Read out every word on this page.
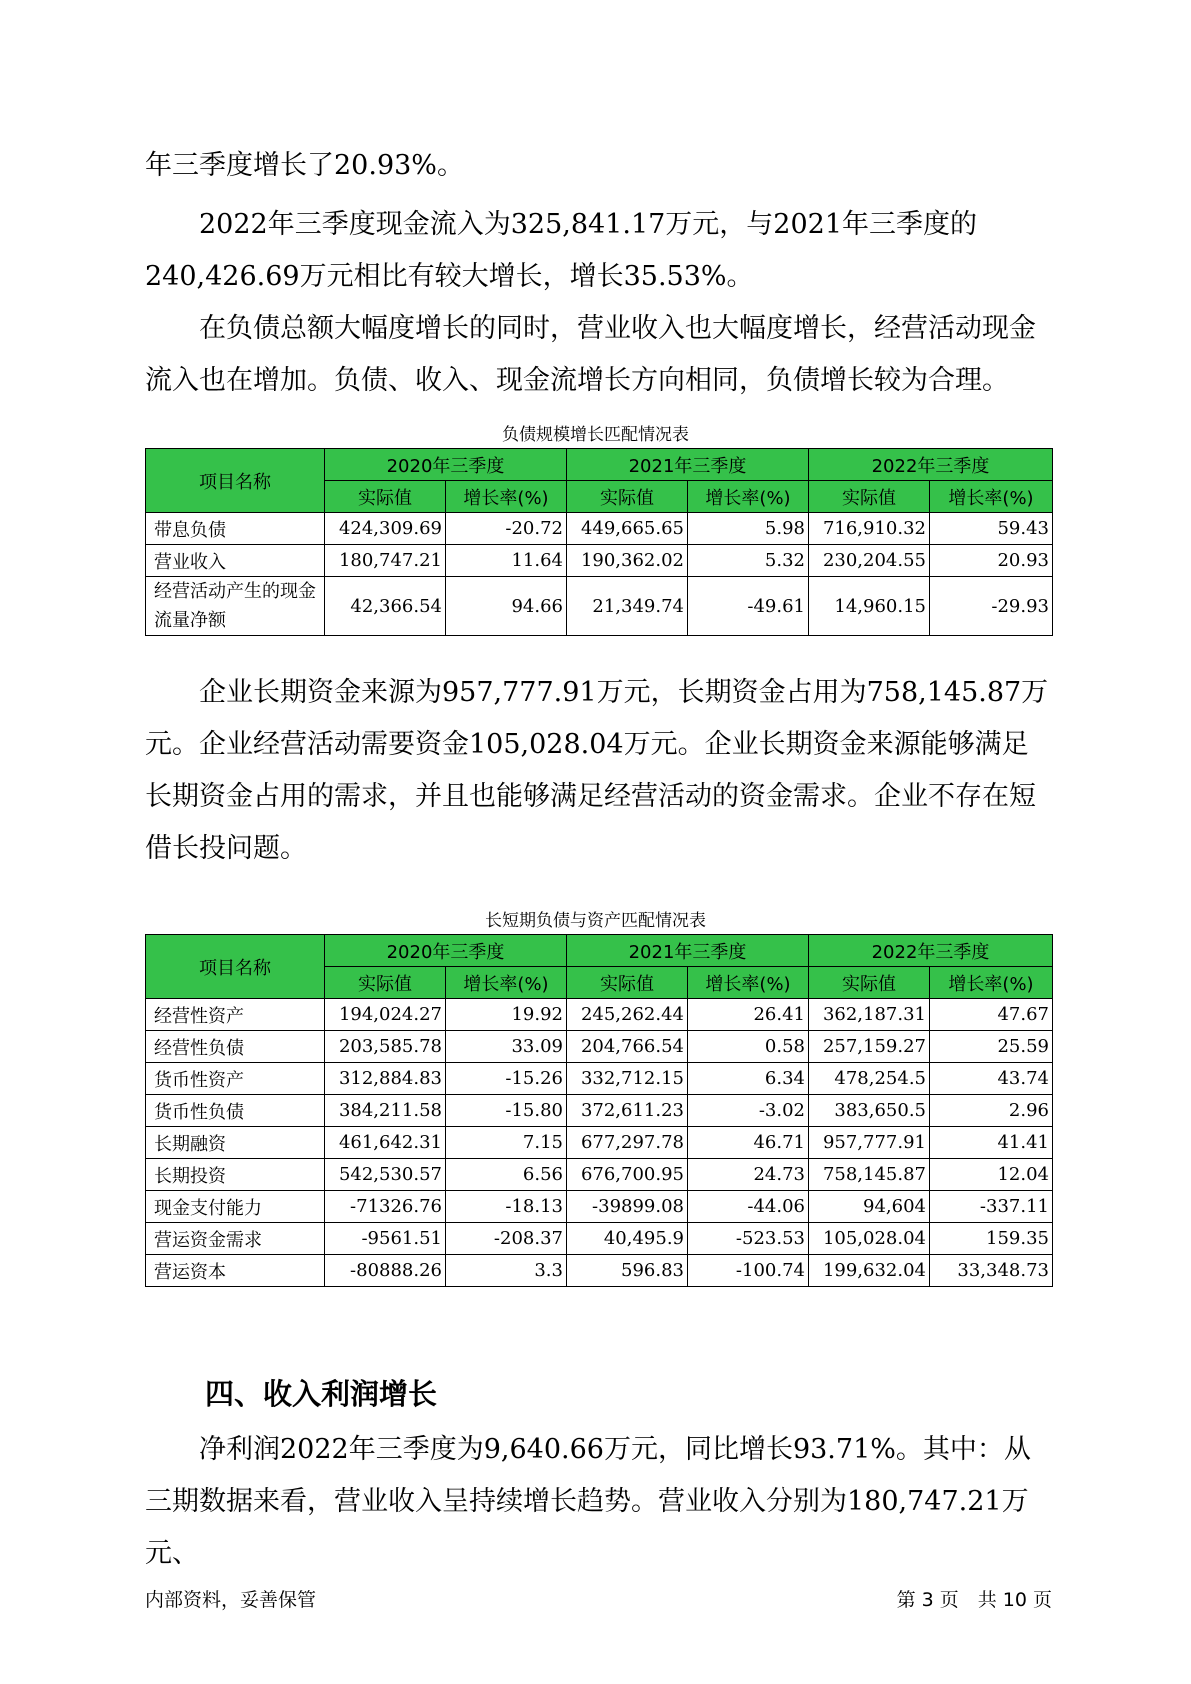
年三季度增长了20.93%。

2022年三季度现金流入为325,841.17万元，与2021年三季度的240,426.69万元相比有较大增长，增长35.53%。

在负债总额大幅度增长的同时，营业收入也大幅度增长，经营活动现金流入也在增加。负债、收入、现金流增长方向相同，负债增长较为合理。

负债规模增长匹配情况表

项目名称	2020年三季度		2021年三季度		2022年三季度	
	实际值	增长率(%)	实际值	增长率(%)	实际值	增长率(%)
带息负债	424,309.69	-20.72	449,665.65	5.98	716,910.32	59.43
营业收入	180,747.21	11.64	190,362.02	5.32	230,204.55	20.93
经营活动产生的现金流量净额	42,366.54	94.66	21,349.74	-49.61	14,960.15	-29.93

企业长期资金来源为957,777.91万元，长期资金占用为758,145.87万元。企业经营活动需要资金105,028.04万元。企业长期资金来源能够满足长期资金占用的需求，并且也能够满足经营活动的资金需求。企业不存在短借长投问题。

长短期负债与资产匹配情况表

项目名称	2020年三季度		2021年三季度		2022年三季度	
	实际值	增长率(%)	实际值	增长率(%)	实际值	增长率(%)
经营性资产	194,024.27	19.92	245,262.44	26.41	362,187.31	47.67
经营性负债	203,585.78	33.09	204,766.54	0.58	257,159.27	25.59
货币性资产	312,884.83	-15.26	332,712.15	6.34	478,254.5	43.74
货币性负债	384,211.58	-15.80	372,611.23	-3.02	383,650.5	2.96
长期融资	461,642.31	7.15	677,297.78	46.71	957,777.91	41.41
长期投资	542,530.57	6.56	676,700.95	24.73	758,145.87	12.04
现金支付能力	-71326.76	-18.13	-39899.08	-44.06	94,604	-337.11
营运资金需求	-9561.51	-208.37	40,495.9	-523.53	105,028.04	159.35
营运资本	-80888.26	3.3	596.83	-100.74	199,632.04	33,348.73
四、收入利润增长

净利润2022年三季度为9,640.66万元，同比增长93.71%。其中：从三期数据来看，营业收入呈持续增长趋势。营业收入分别为180,747.21万元、

内部资料，妥善保管	第 3 页　共 10 页
